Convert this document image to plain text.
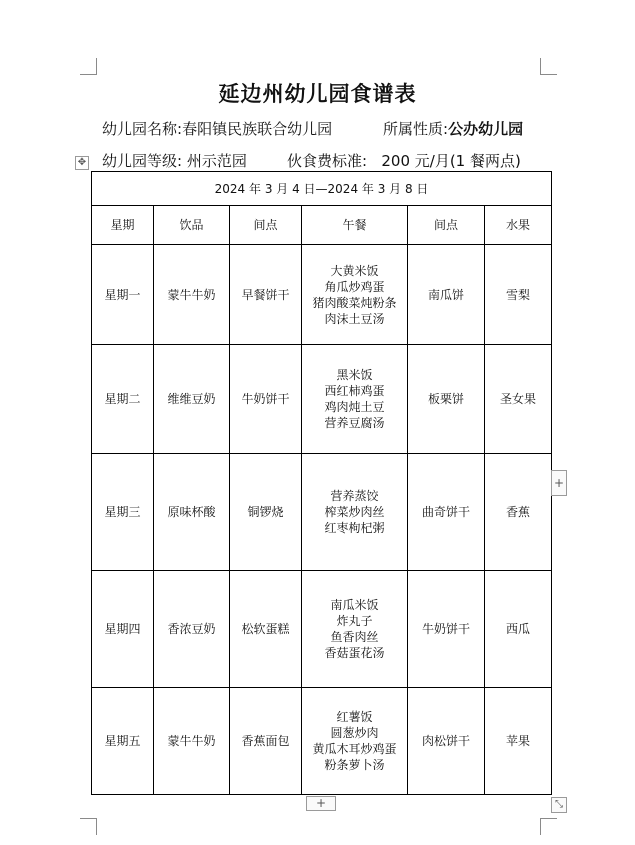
延边州幼儿园食谱表
幼儿园名称:春阳镇民族联合幼儿园	所属性质:公办幼儿园
幼儿园等级: 州示范园	伙食费标准: 200 元/月(1 餐两点)
✥
2024 年 3 月 4 日—2024 年 3 月 8 日					
星期	饮品	间点	午餐	间点	水果
星期一	蒙牛牛奶	早餐饼干	大黄米饭
角瓜炒鸡蛋
猪肉酸菜炖粉条
肉沫土豆汤	南瓜饼	雪梨
星期二	维维豆奶	牛奶饼干	黑米饭
西红柿鸡蛋
鸡肉炖土豆
营养豆腐汤	板栗饼	圣女果
星期三	原味杯酸	铜锣烧	营养蒸饺
榨菜炒肉丝
红枣枸杞粥	曲奇饼干	香蕉
星期四	香浓豆奶	松软蛋糕	南瓜米饭
炸丸子
鱼香肉丝
香菇蛋花汤	牛奶饼干	西瓜
星期五	蒙牛牛奶	香蕉面包	红薯饭
圆葱炒肉
黄瓜木耳炒鸡蛋
粉条萝卜汤	肉松饼干	苹果
+
+	⤡
